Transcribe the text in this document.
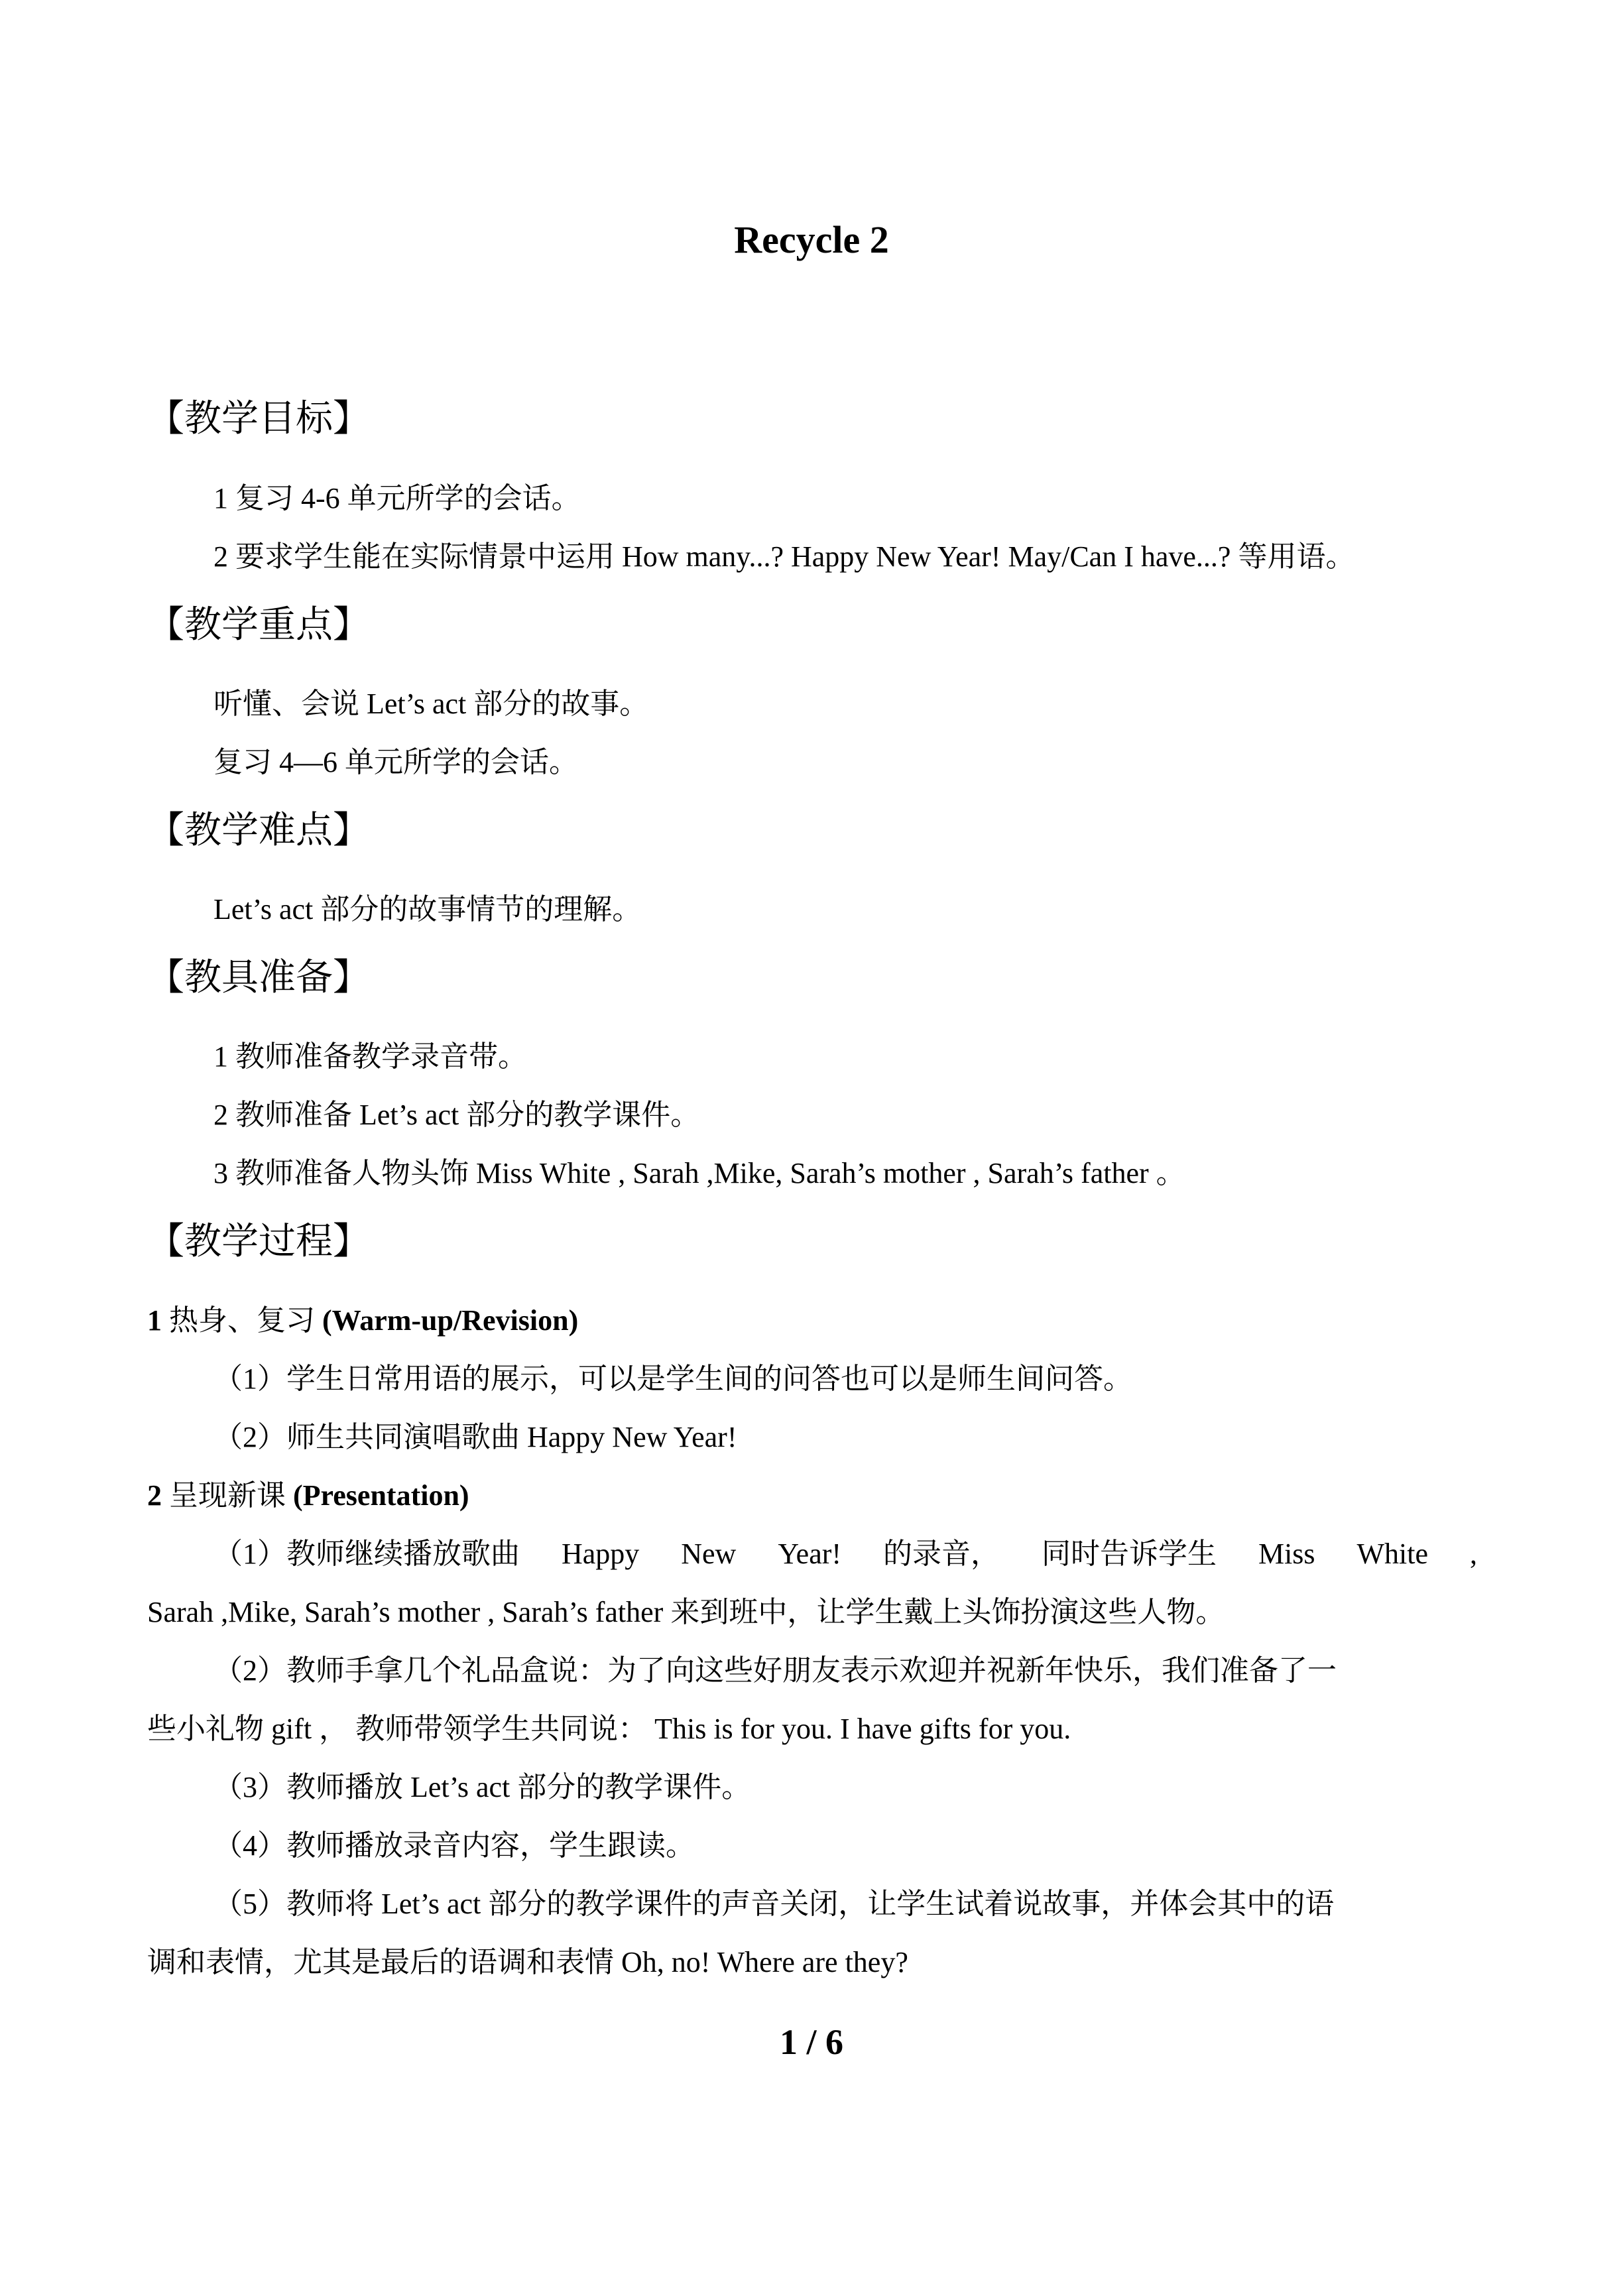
Recycle 2
【教学目标】
1 复习 4-6 单元所学的会话。
2 要求学生能在实际情景中运用 How many...? Happy New Year! May/Can I have...? 等用语。
【教学重点】
听懂、会说 Let’s act 部分的故事。
复习 4—6 单元所学的会话。
【教学难点】
Let’s act 部分的故事情节的理解。
【教具准备】
1 教师准备教学录音带。
2 教师准备 Let’s act 部分的教学课件。
3 教师准备人物头饰 Miss White , Sarah ,Mike, Sarah’s mother , Sarah’s father 。
【教学过程】
1 热身、复习 (Warm-up/Revision)
（1）学生日常用语的展示，可以是学生间的问答也可以是师生间问答。
（2）师生共同演唱歌曲 Happy New Year!
2 呈现新课 (Presentation)
（1）教师继续播放歌曲 Happy New Year! 的录音， 同时告诉学生 Miss White ,
Sarah ,Mike, Sarah’s mother , Sarah’s father 来到班中，让学生戴上头饰扮演这些人物。
（2）教师手拿几个礼品盒说：为了向这些好朋友表示欢迎并祝新年快乐，我们准备了一
些小礼物 gift ， 教师带领学生共同说： This is for you. I have gifts for you.
（3）教师播放 Let’s act 部分的教学课件。
（4）教师播放录音内容，学生跟读。
（5）教师将 Let’s act 部分的教学课件的声音关闭，让学生试着说故事，并体会其中的语
调和表情，尤其是最后的语调和表情 Oh, no! Where are they?
1 / 6
